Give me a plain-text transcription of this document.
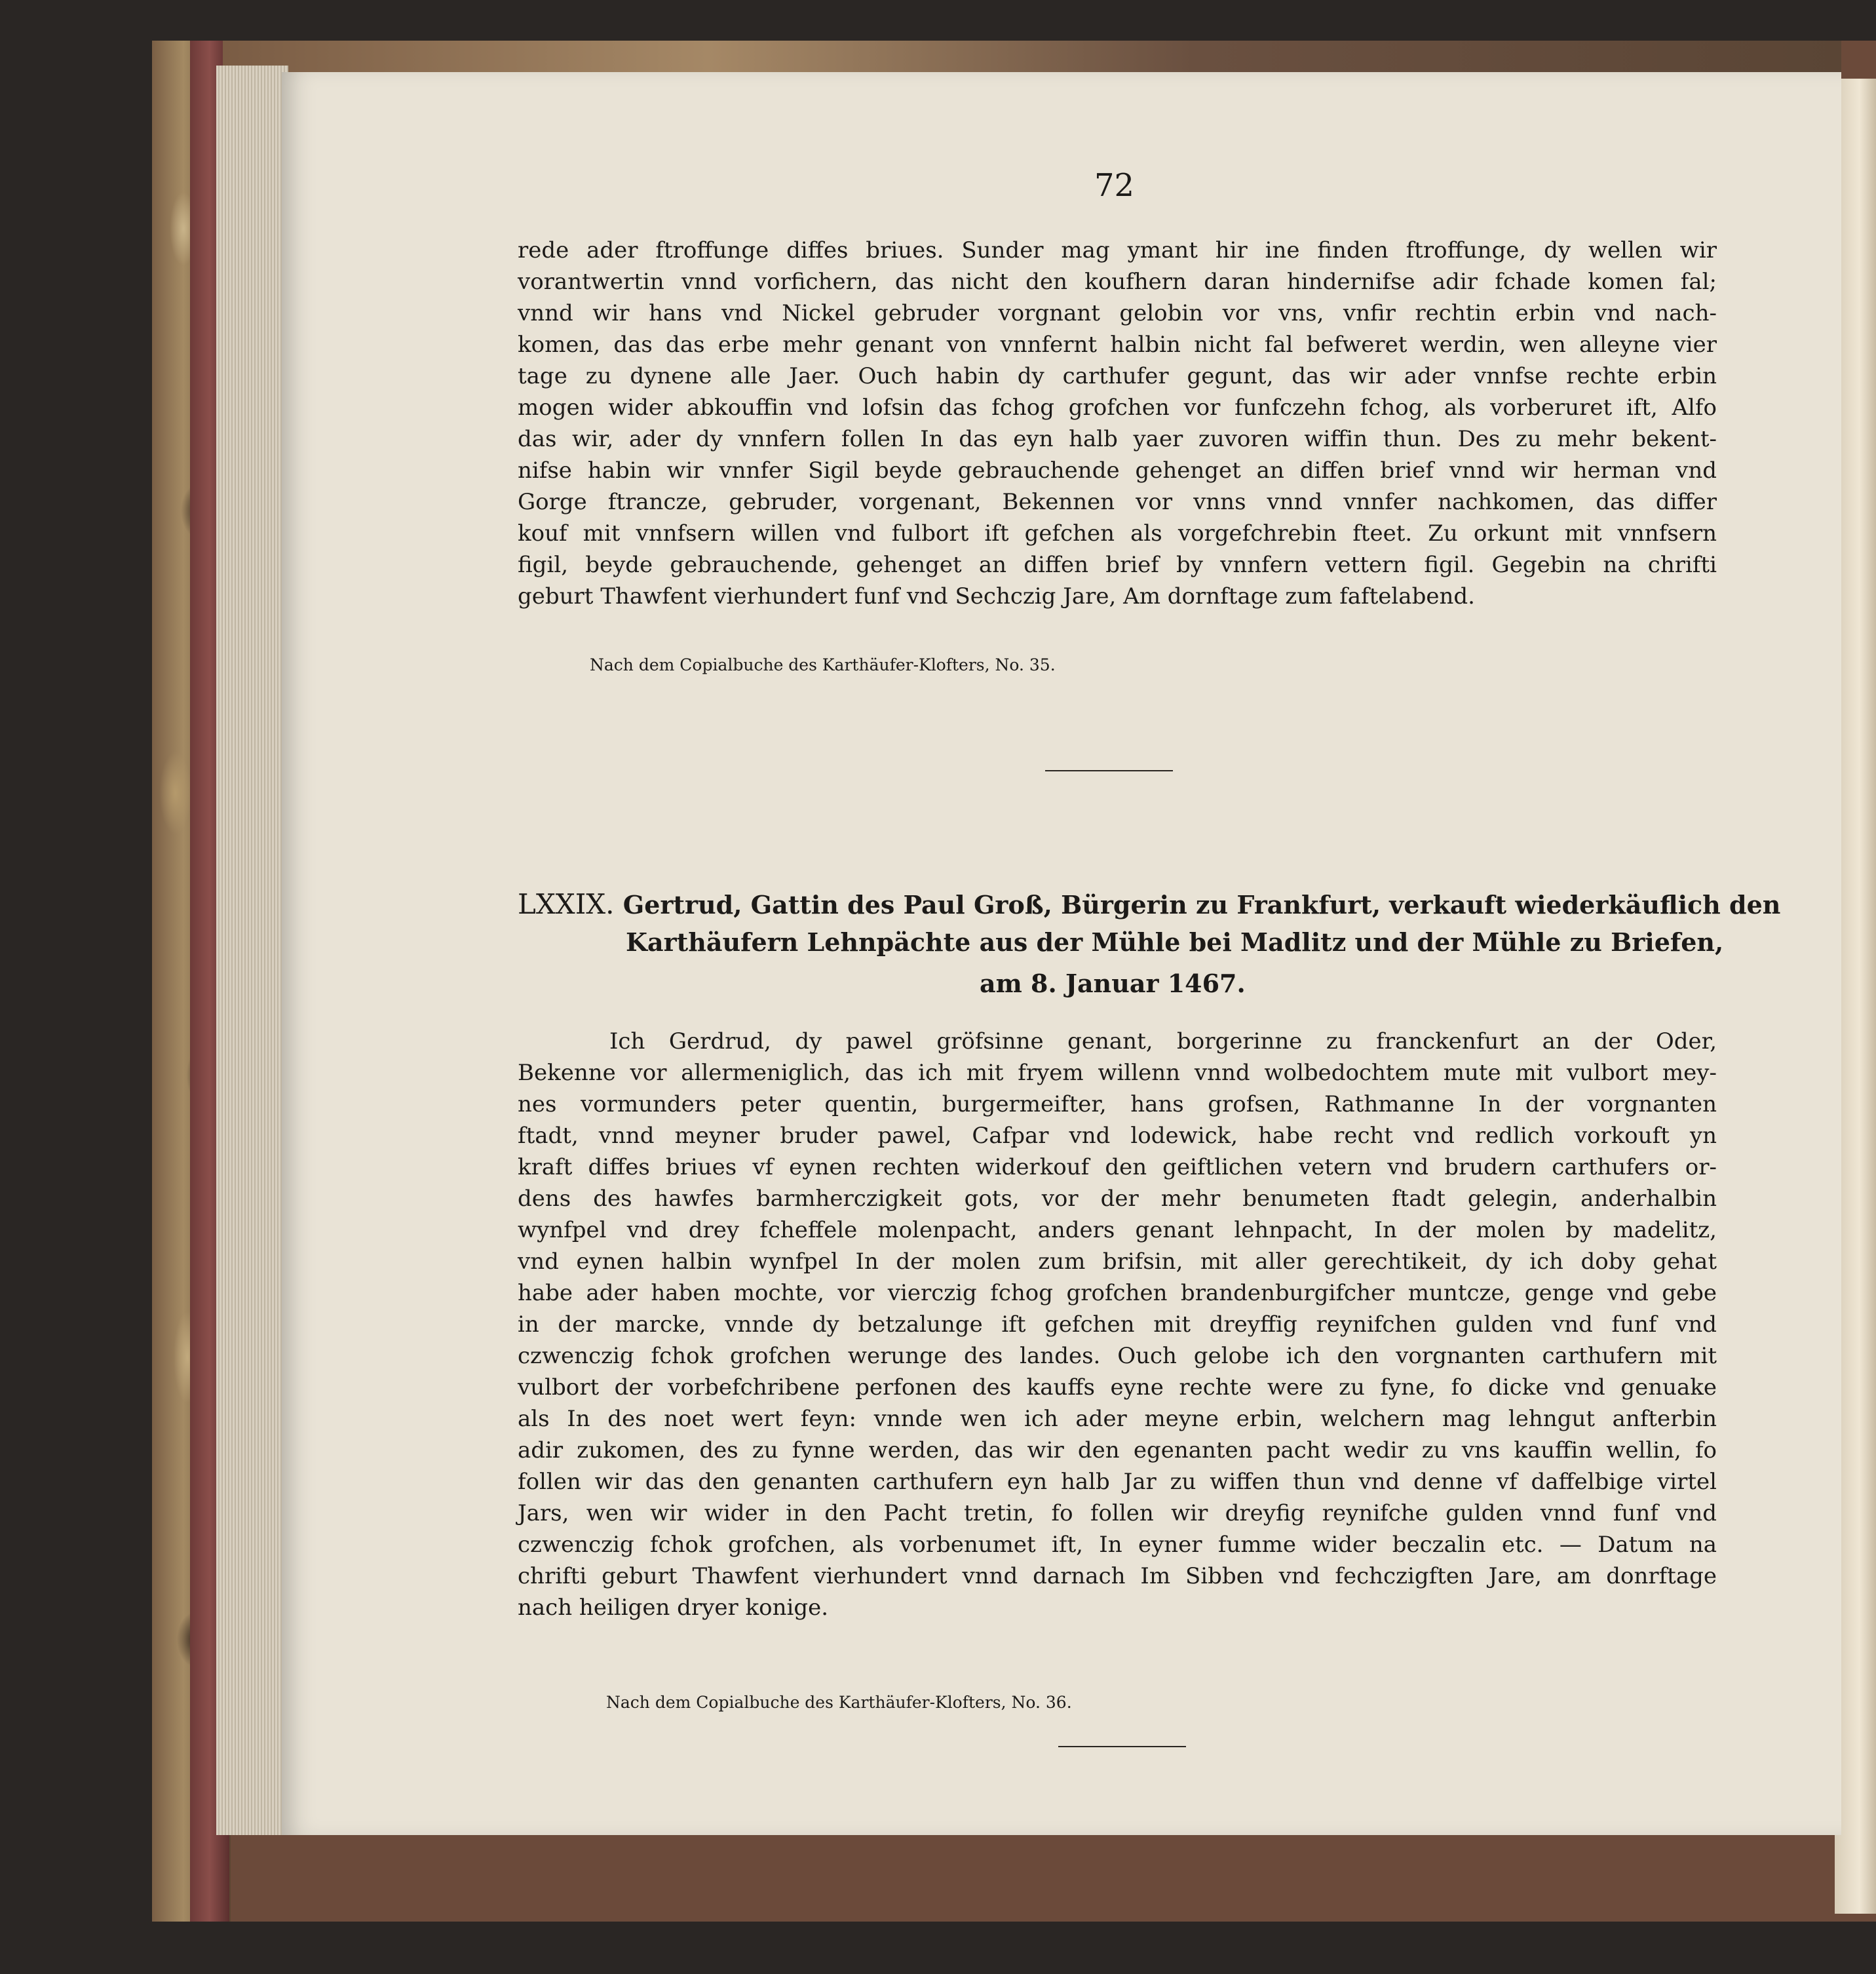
72
rede ader ftroffunge diffes briues. Sunder mag ymant hir ine finden ftroffunge, dy wellen wir
vorantwertin vnnd vorfichern, das nicht den koufhern daran hindernifse adir fchade komen fal;
vnnd wir hans vnd Nickel gebruder vorgnant gelobin vor vns, vnfir rechtin erbin vnd nach-
komen, das das erbe mehr genant von vnnfernt halbin nicht fal befweret werdin, wen alleyne vier
tage zu dynene alle Jaer. Ouch habin dy carthufer gegunt, das wir ader vnnfse rechte erbin
mogen wider abkouffin vnd lofsin das fchog grofchen vor funfczehn fchog, als vorberuret ift, Alfo
das wir, ader dy vnnfern follen In das eyn halb yaer zuvoren wiffin thun. Des zu mehr bekent-
nifse habin wir vnnfer Sigil beyde gebrauchende gehenget an diffen brief vnnd wir herman vnd
Gorge ftrancze, gebruder, vorgenant, Bekennen vor vnns vnnd vnnfer nachkomen, das differ
kouf mit vnnfsern willen vnd fulbort ift gefchen als vorgefchrebin fteet. Zu orkunt mit vnnfsern
figil, beyde gebrauchende, gehenget an diffen brief by vnnfern vettern figil. Gegebin na chrifti
geburt Thawfent vierhundert funf vnd Sechczig Jare, Am dornftage zum faftelabend.
Nach dem Copialbuche des Karthäufer-Klofters, No. 35.
LXXIX. Gertrud, Gattin des Paul Groß, Bürgerin zu Frankfurt, verkauft wiederkäuflich den
Karthäufern Lehnpächte aus der Mühle bei Madlitz und der Mühle zu Briefen,
am 8. Januar 1467.
Ich Gerdrud, dy pawel gröfsinne genant, borgerinne zu franckenfurt an der Oder,
Bekenne vor allermeniglich, das ich mit fryem willenn vnnd wolbedochtem mute mit vulbort mey-
nes vormunders peter quentin, burgermeifter, hans grofsen, Rathmanne In der vorgnanten
ftadt, vnnd meyner bruder pawel, Cafpar vnd lodewick, habe recht vnd redlich vorkouft yn
kraft diffes briues vf eynen rechten widerkouf den geiftlichen vetern vnd brudern carthufers or-
dens des hawfes barmherczigkeit gots, vor der mehr benumeten ftadt gelegin, anderhalbin
wynfpel vnd drey fcheffele molenpacht, anders genant lehnpacht, In der molen by madelitz,
vnd eynen halbin wynfpel In der molen zum brifsin, mit aller gerechtikeit, dy ich doby gehat
habe ader haben mochte, vor vierczig fchog grofchen brandenburgifcher muntcze, genge vnd gebe
in der marcke, vnnde dy betzalunge ift gefchen mit dreyffig reynifchen gulden vnd funf vnd
czwenczig fchok grofchen werunge des landes. Ouch gelobe ich den vorgnanten carthufern mit
vulbort der vorbefchribene perfonen des kauffs eyne rechte were zu fyne, fo dicke vnd genuake
als In des noet wert feyn: vnnde wen ich ader meyne erbin, welchern mag lehngut anfterbin
adir zukomen, des zu fynne werden, das wir den egenanten pacht wedir zu vns kauffin wellin, fo
follen wir das den genanten carthufern eyn halb Jar zu wiffen thun vnd denne vf daffelbige virtel
Jars, wen wir wider in den Pacht tretin, fo follen wir dreyfig reynifche gulden vnnd funf vnd
czwenczig fchok grofchen, als vorbenumet ift, In eyner fumme wider beczalin etc. — Datum na
chrifti geburt Thawfent vierhundert vnnd darnach Im Sibben vnd fechczigften Jare, am donrftage
nach heiligen dryer konige.
Nach dem Copialbuche des Karthäufer-Klofters, No. 36.
